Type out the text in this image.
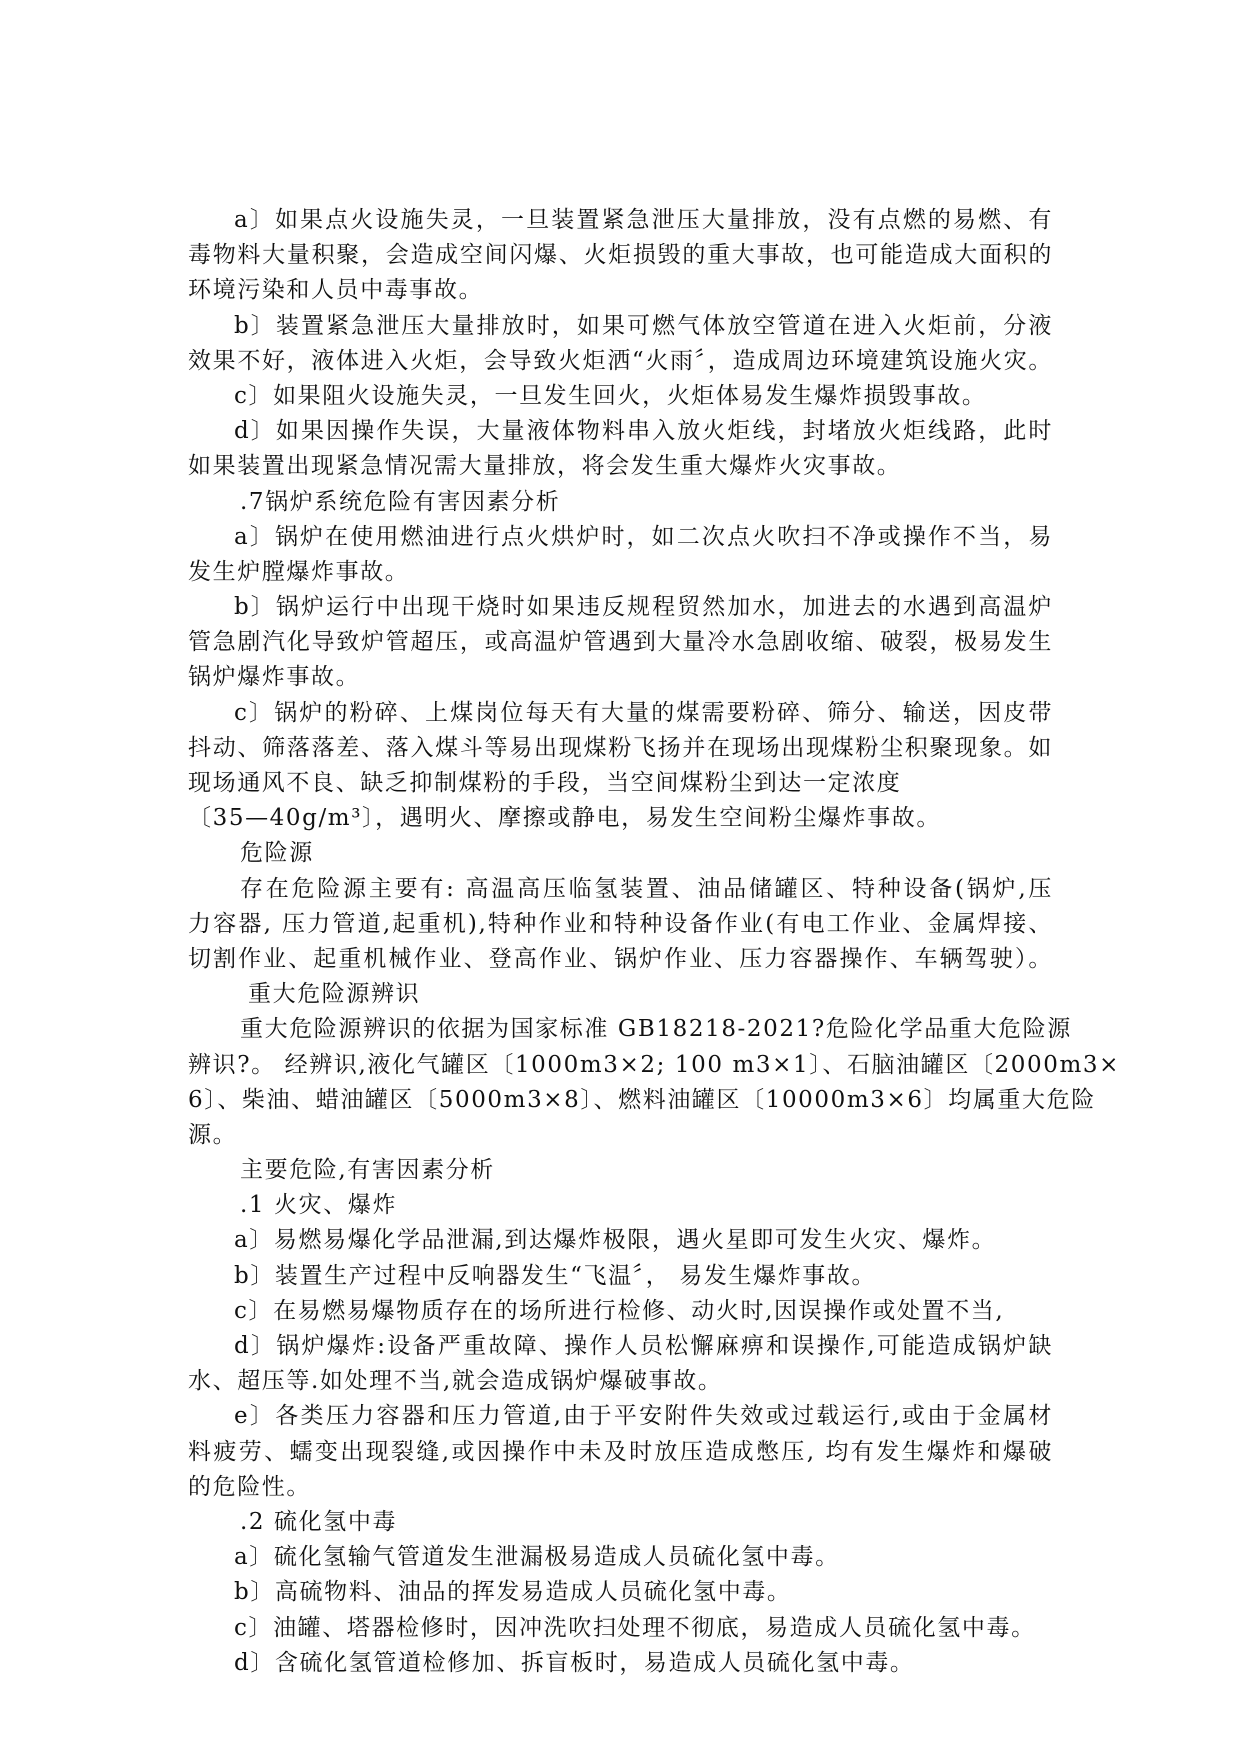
a〕如果点火设施失灵，一旦装置紧急泄压大量排放，没有点燃的易燃、有
毒物料大量积聚，会造成空间闪爆、火炬损毁的重大事故，也可能造成大面积的
环境污染和人员中毒事故。
b〕装置紧急泄压大量排放时，如果可燃气体放空管道在进入火炬前，分液
效果不好，液体进入火炬，会导致火炬洒“火雨〞，造成周边环境建筑设施火灾。
c〕如果阻火设施失灵，一旦发生回火，火炬体易发生爆炸损毁事故。
d〕如果因操作失误，大量液体物料串入放火炬线，封堵放火炬线路，此时
如果装置出现紧急情况需大量排放，将会发生重大爆炸火灾事故。
.7锅炉系统危险有害因素分析
a〕锅炉在使用燃油进行点火烘炉时，如二次点火吹扫不净或操作不当，易
发生炉膛爆炸事故。
b〕锅炉运行中出现干烧时如果违反规程贸然加水，加进去的水遇到高温炉
管急剧汽化导致炉管超压，或高温炉管遇到大量冷水急剧收缩、破裂，极易发生
锅炉爆炸事故。
c〕锅炉的粉碎、上煤岗位每天有大量的煤需要粉碎、筛分、输送，因皮带
抖动、筛落落差、落入煤斗等易出现煤粉飞扬并在现场出现煤粉尘积聚现象。如
现场通风不良、缺乏抑制煤粉的手段，当空间煤粉尘到达一定浓度
〔35—40g/m³〕，遇明火、摩擦或静电，易发生空间粉尘爆炸事故。
危险源
存在危险源主要有: 高温高压临氢装置、油品储罐区、特种设备(锅炉,压
力容器, 压力管道,起重机),特种作业和特种设备作业(有电工作业、金属焊接、
切割作业、起重机械作业、登高作业、锅炉作业、压力容器操作、车辆驾驶）。
重大危险源辨识
重大危险源辨识的依据为国家标准 GB18218-2021?危险化学品重大危险源
辨识?。 经辨识,液化气罐区〔1000m3×2; 100 m3×1〕、石脑油罐区〔2000m3×
6〕、柴油、蜡油罐区〔5000m3×8〕、燃料油罐区〔10000m3×6〕均属重大危险
源。
主要危险,有害因素分析
.1 火灾、爆炸
a〕易燃易爆化学品泄漏,到达爆炸极限，遇火星即可发生火灾、爆炸。
b〕装置生产过程中反响器发生“飞温〞， 易发生爆炸事故。
c〕在易燃易爆物质存在的场所进行检修、动火时,因误操作或处置不当,
d〕锅炉爆炸:设备严重故障、操作人员松懈麻痹和误操作,可能造成锅炉缺
水、超压等.如处理不当,就会造成锅炉爆破事故。
e〕各类压力容器和压力管道,由于平安附件失效或过载运行,或由于金属材
料疲劳、蠕变出现裂缝,或因操作中未及时放压造成憋压, 均有发生爆炸和爆破
的危险性。
.2 硫化氢中毒
a〕硫化氢输气管道发生泄漏极易造成人员硫化氢中毒。
b〕高硫物料、油品的挥发易造成人员硫化氢中毒。
c〕油罐、塔器检修时，因冲洗吹扫处理不彻底，易造成人员硫化氢中毒。
d〕含硫化氢管道检修加、拆盲板时，易造成人员硫化氢中毒。
